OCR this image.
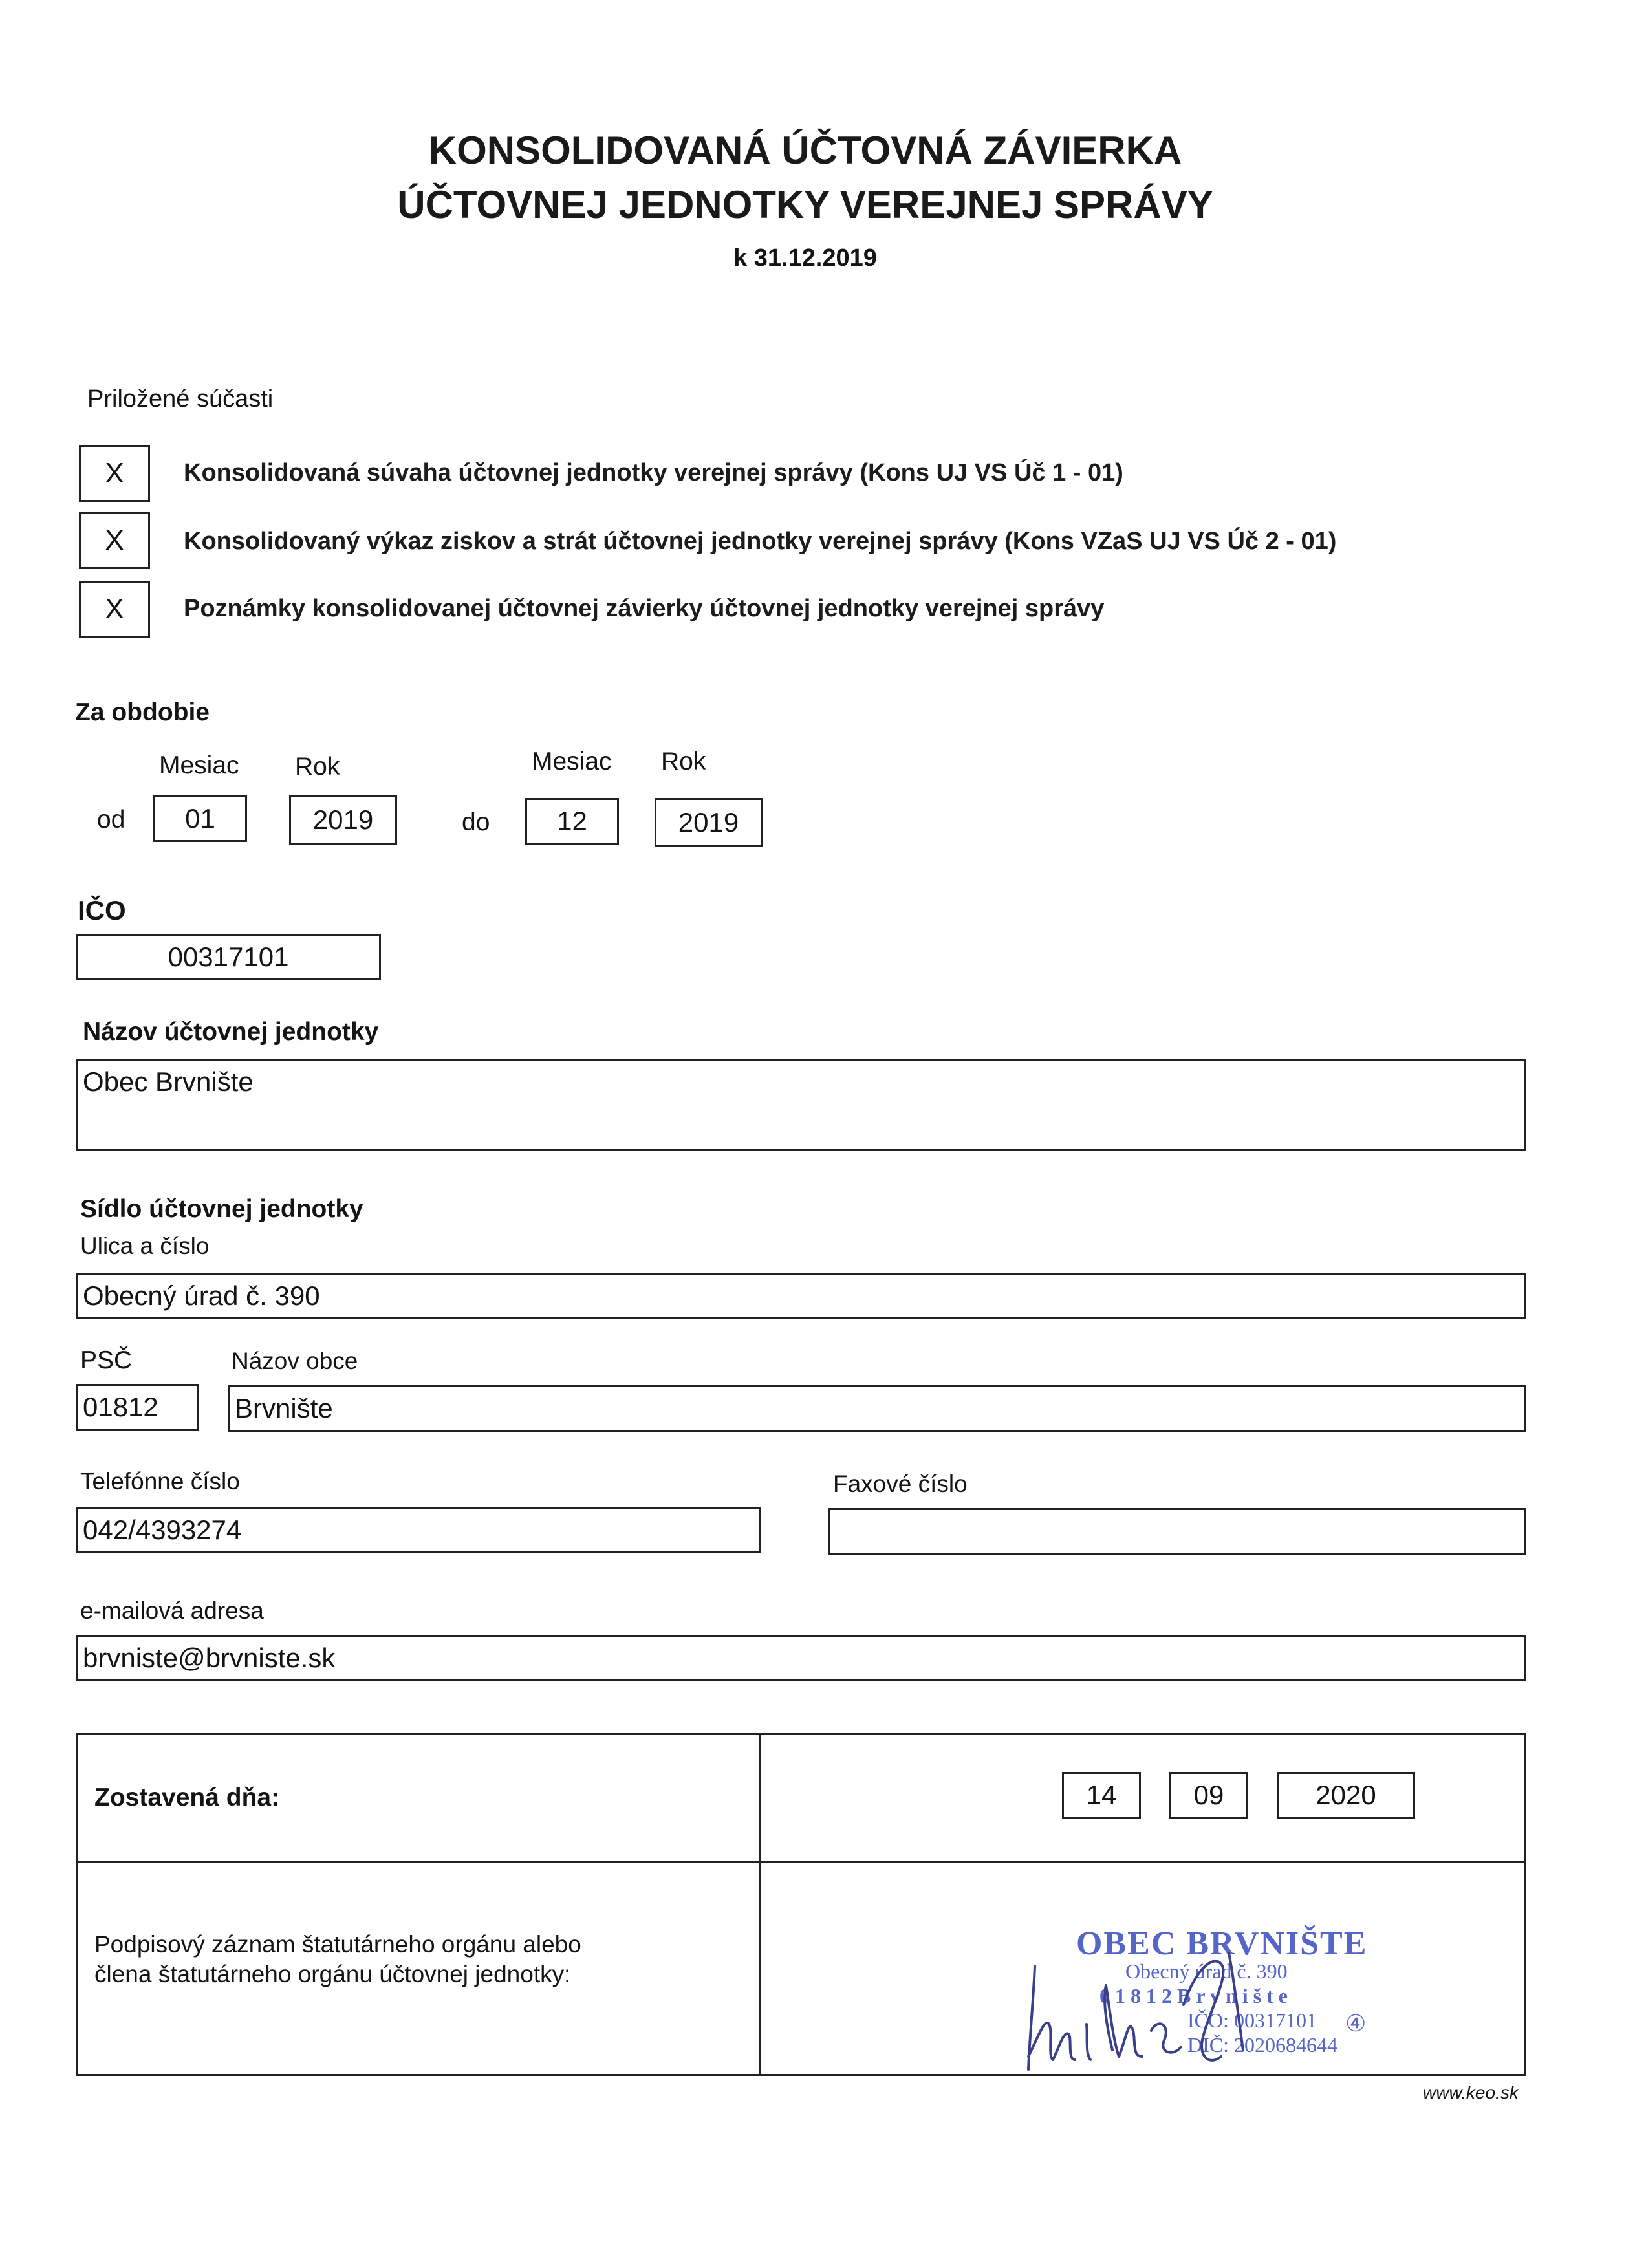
KONSOLIDOVANÁ ÚČTOVNÁ ZÁVIERKA
ÚČTOVNEJ JEDNOTKY VEREJNEJ SPRÁVY
k 31.12.2019
Priložené súčasti
X	Konsolidovaná súvaha účtovnej jednotky verejnej správy (Kons UJ VS Úč 1 - 01)
X	Konsolidovaný výkaz ziskov a strát účtovnej jednotky verejnej správy (Kons VZaS UJ VS Úč 2 - 01)
X	Poznámky konsolidovanej účtovnej závierky účtovnej jednotky verejnej správy
Za obdobie
Mesiac Rok	Mesiac Rok
od	01	2019	do	12	2019
IČO
00317101
Názov účtovnej jednotky
Obec Brvnište
Sídlo účtovnej jednotky
Ulica a číslo
Obecný úrad č. 390
PSČ	Názov obce
01812	Brvnište
Telefónne číslo	Faxové číslo
042/4393274
e-mailová adresa
brvniste@brvniste.sk
Zostavená dňa:	14	09	2020
Podpisový záznam štatutárneho orgánu alebo
člena štatutárneho orgánu účtovnej jednotky:
OBEC BRVNIŠTE
Obecný úrad č. 390
0 1 8 1 2 B r v n i š t e
IČO: 00317101
DIČ: 2020684644
④
www.keo.sk
